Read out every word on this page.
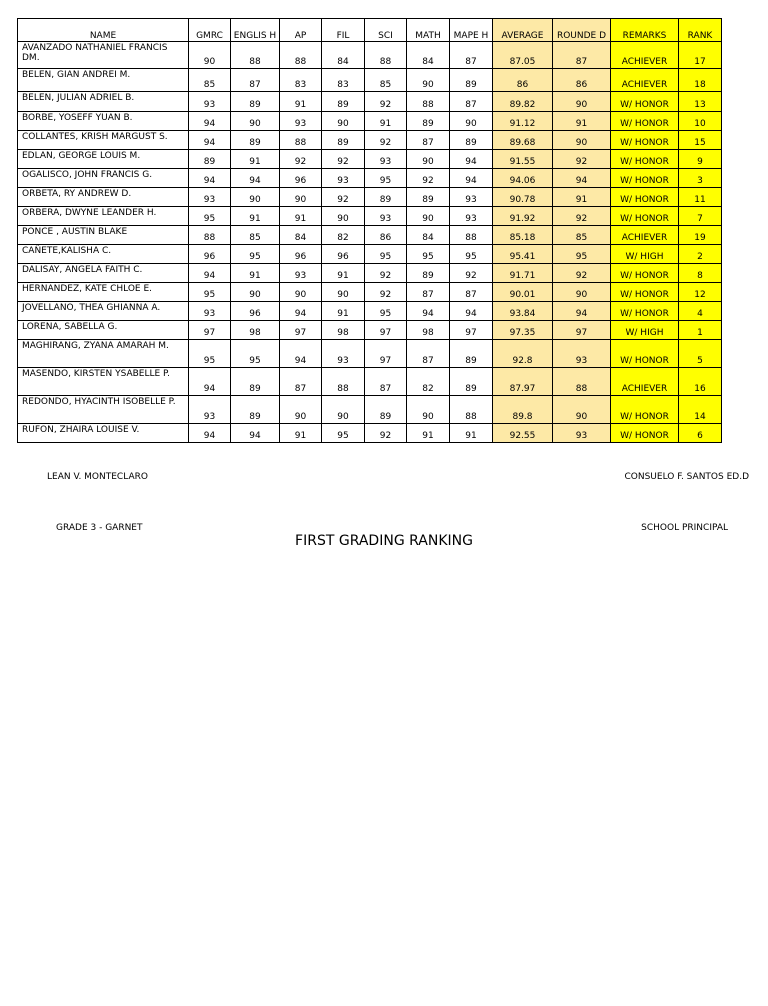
NAME	GMRC	ENGLIS H	AP	FIL	SCI	MATH	MAPE H	AVERAGE	ROUNDE D	REMARKS	RANK
AVANZADO NATHANIEL FRANCIS DM.	90	88	88	84	88	84	87	87.05	87	ACHIEVER	17
BELEN, GIAN ANDREI M.	85	87	83	83	85	90	89	86	86	ACHIEVER	18
BELEN, JULIAN ADRIEL B.	93	89	91	89	92	88	87	89.82	90	W/ HONOR	13
BORBE, YOSEFF YUAN B.	94	90	93	90	91	89	90	91.12	91	W/ HONOR	10
COLLANTES, KRISH MARGUST S.	94	89	88	89	92	87	89	89.68	90	W/ HONOR	15
EDLAN, GEORGE LOUIS M.	89	91	92	92	93	90	94	91.55	92	W/ HONOR	9
OGALISCO, JOHN FRANCIS G.	94	94	96	93	95	92	94	94.06	94	W/ HONOR	3
ORBETA, RY ANDREW D.	93	90	90	92	89	89	93	90.78	91	W/ HONOR	11
ORBERA, DWYNE LEANDER H.	95	91	91	90	93	90	93	91.92	92	W/ HONOR	7
PONCE , AUSTIN BLAKE	88	85	84	82	86	84	88	85.18	85	ACHIEVER	19
CAÑETE,KALISHA C.	96	95	96	96	95	95	95	95.41	95	W/ HIGH	2
DALISAY, ANGELA FAITH C.	94	91	93	91	92	89	92	91.71	92	W/ HONOR	8
HERNANDEZ, KATE CHLOE E.	95	90	90	90	92	87	87	90.01	90	W/ HONOR	12
JOVELLANO, THEA GHIANNA A.	93	96	94	91	95	94	94	93.84	94	W/ HONOR	4
LORENA, SABELLA G.	97	98	97	98	97	98	97	97.35	97	W/ HIGH	1
MAGHIRANG, ZYANA AMARAH M.	95	95	94	93	97	87	89	92.8	93	W/ HONOR	5
MASENDO, KIRSTEN YSABELLE P.	94	89	87	88	87	82	89	87.97	88	ACHIEVER	16
REDONDO, HYACINTH ISOBELLE P.	93	89	90	90	89	90	88	89.8	90	W/ HONOR	14
RUFON, ZHAIRA LOUISE V.	94	94	91	95	92	91	91	92.55	93	W/ HONOR	6
LEAN V. MONTECLARO
GRADE 3 - GARNET
CONSUELO F. SANTOS ED.D
SCHOOL PRINCIPAL
FIRST GRADING RANKING
